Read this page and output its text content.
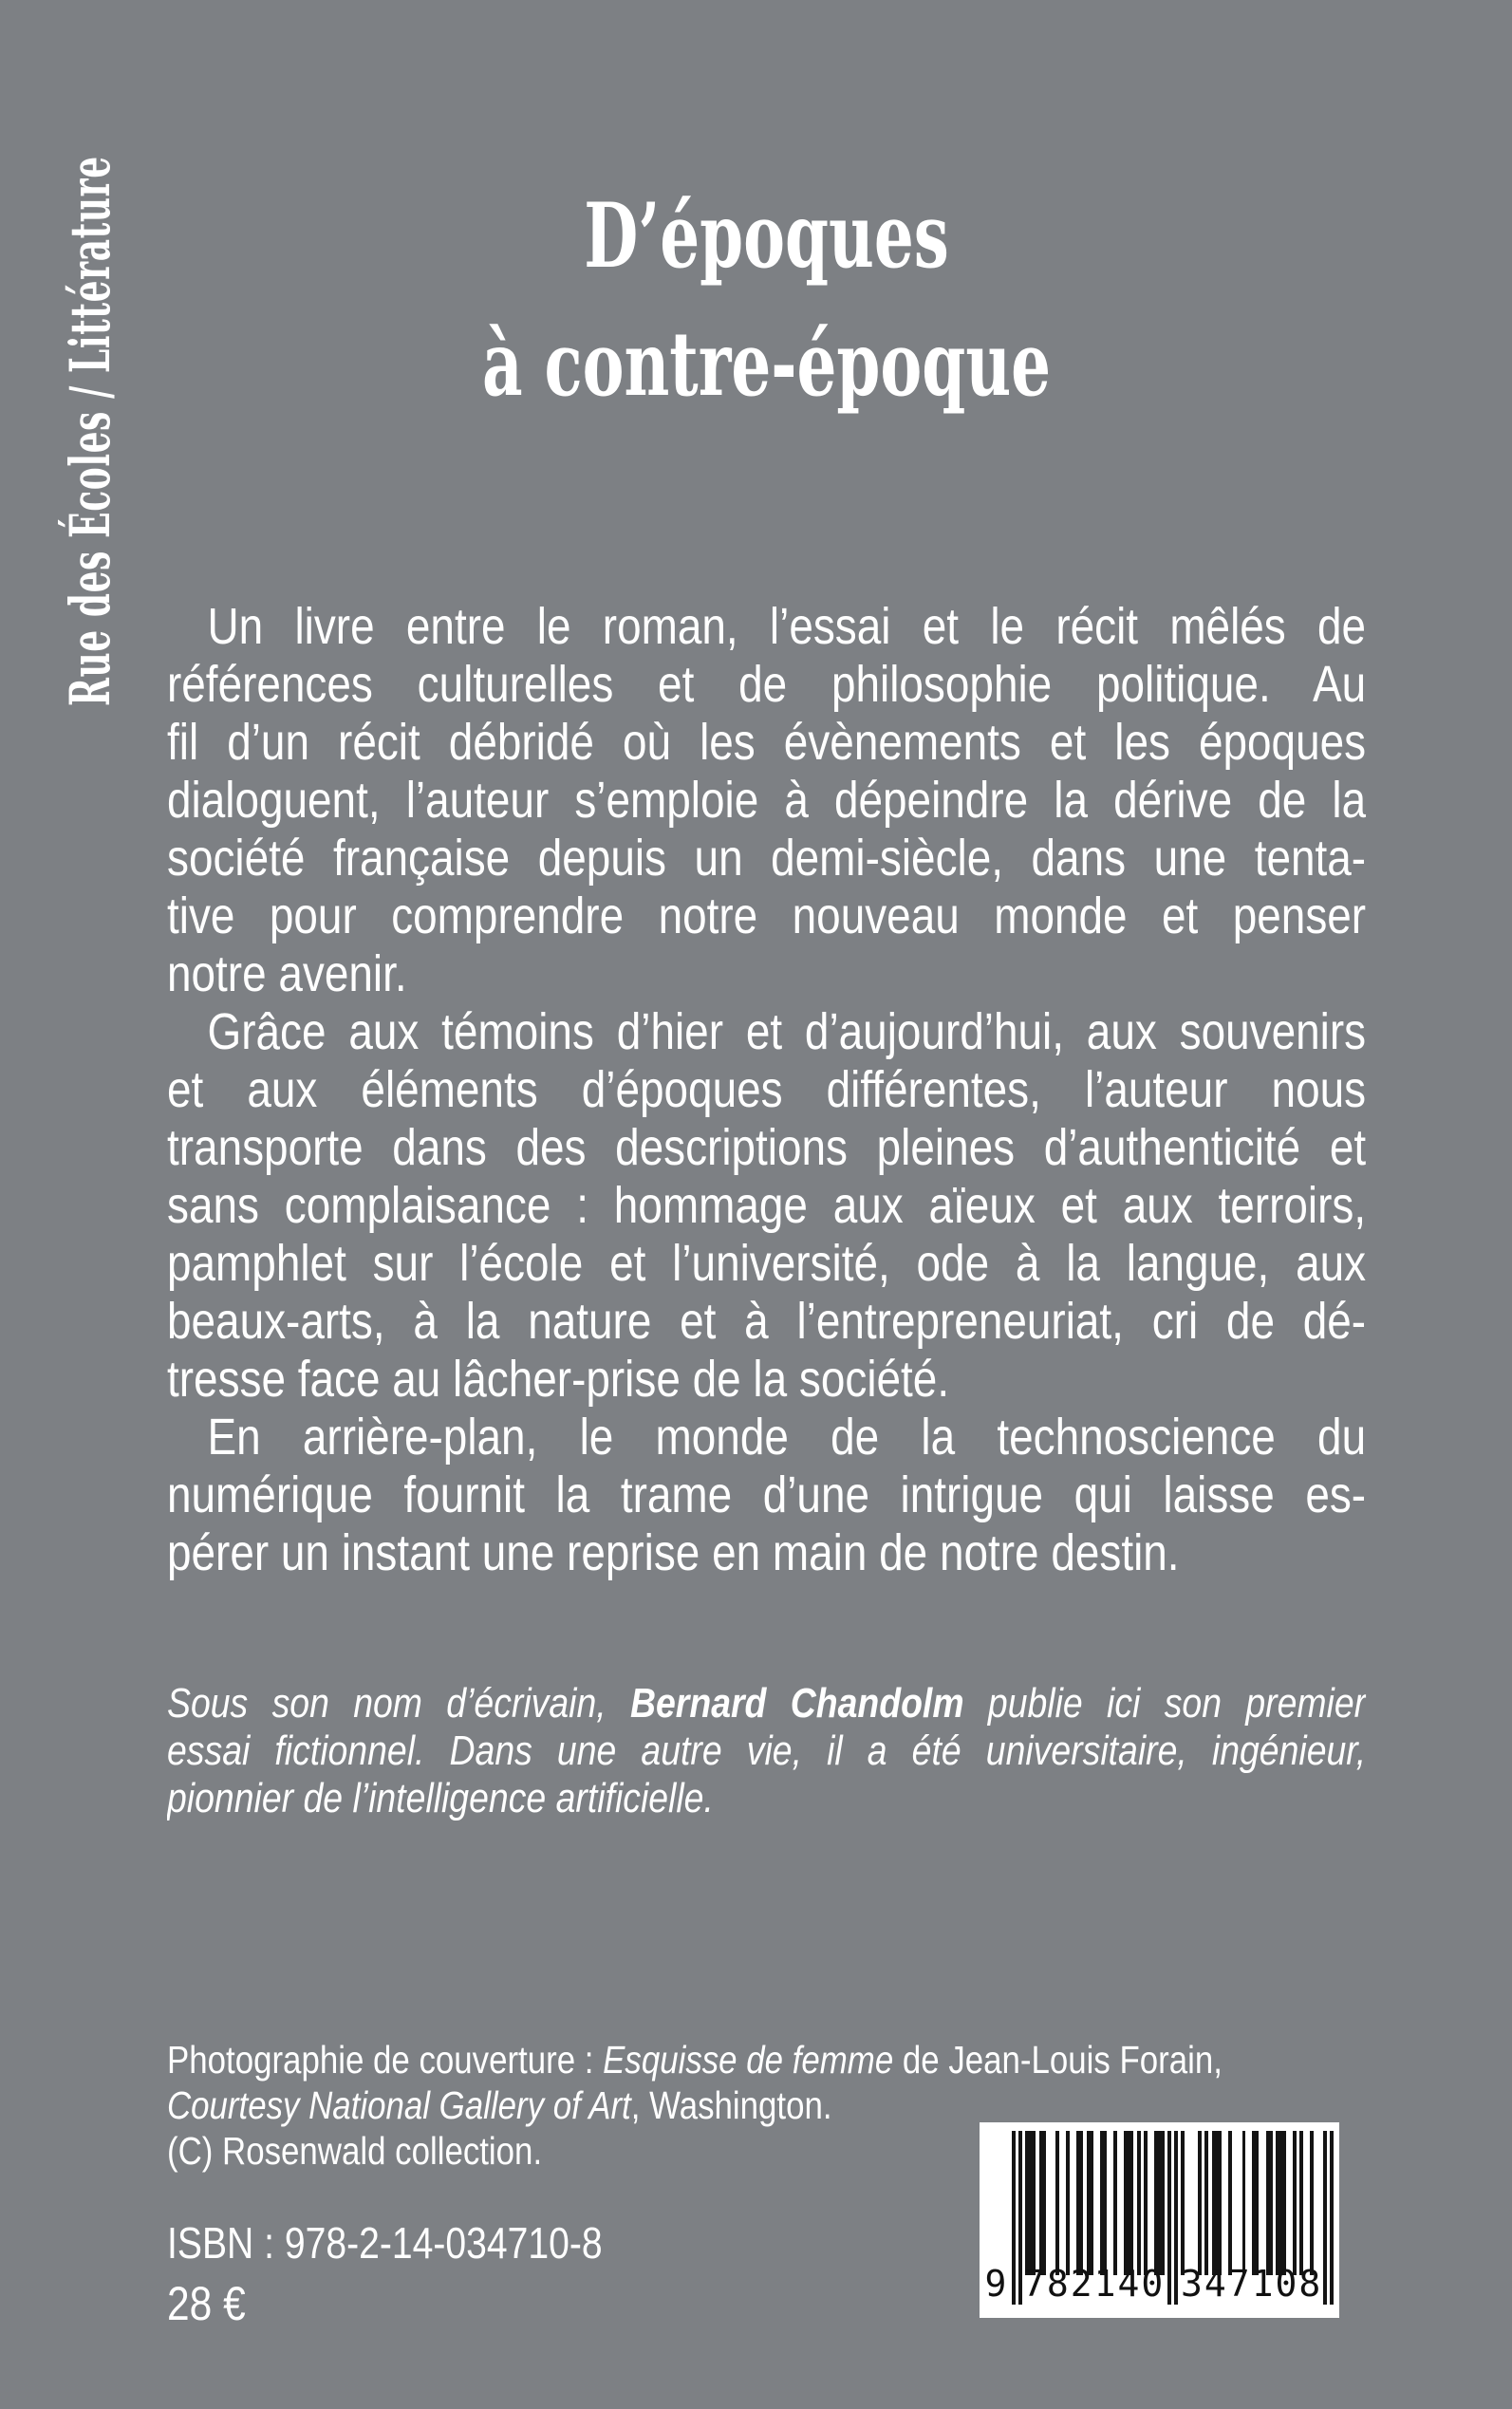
Rue des Écoles / Littérature	D’époques
à contre-époque
Un livre entre le roman, l’essai et le récit mêlés de
références culturelles et de philosophie politique. Au
fil d’un récit débridé où les évènements et les époques
dialoguent, l’auteur s’emploie à dépeindre la dérive de la
société française depuis un demi-siècle, dans une tenta-
tive pour comprendre notre nouveau monde et penser
notre avenir.
Grâce aux témoins d’hier et d’aujourd’hui, aux souvenirs
et aux éléments d’époques différentes, l’auteur nous
transporte dans des descriptions pleines d’authenticité et
sans complaisance : hommage aux aïeux et aux terroirs,
pamphlet sur l’école et l’université, ode à la langue, aux
beaux-arts, à la nature et à l’entrepreneuriat, cri de dé-
tresse face au lâcher-prise de la société.
En arrière-plan, le monde de la technoscience du
numérique fournit la trame d’une intrigue qui laisse es-
pérer un instant une reprise en main de notre destin.
Sous son nom d’écrivain, Bernard Chandolm publie ici son premier
essai fictionnel. Dans une autre vie, il a été universitaire, ingénieur,
pionnier de l’intelligence artificielle.
Photographie de couverture : Esquisse de femme de Jean-Louis Forain,
Courtesy National Gallery of Art, Washington.
(C) Rosenwald collection.
ISBN : 978-2-14-034710-8
28 €	9 782140 347108
